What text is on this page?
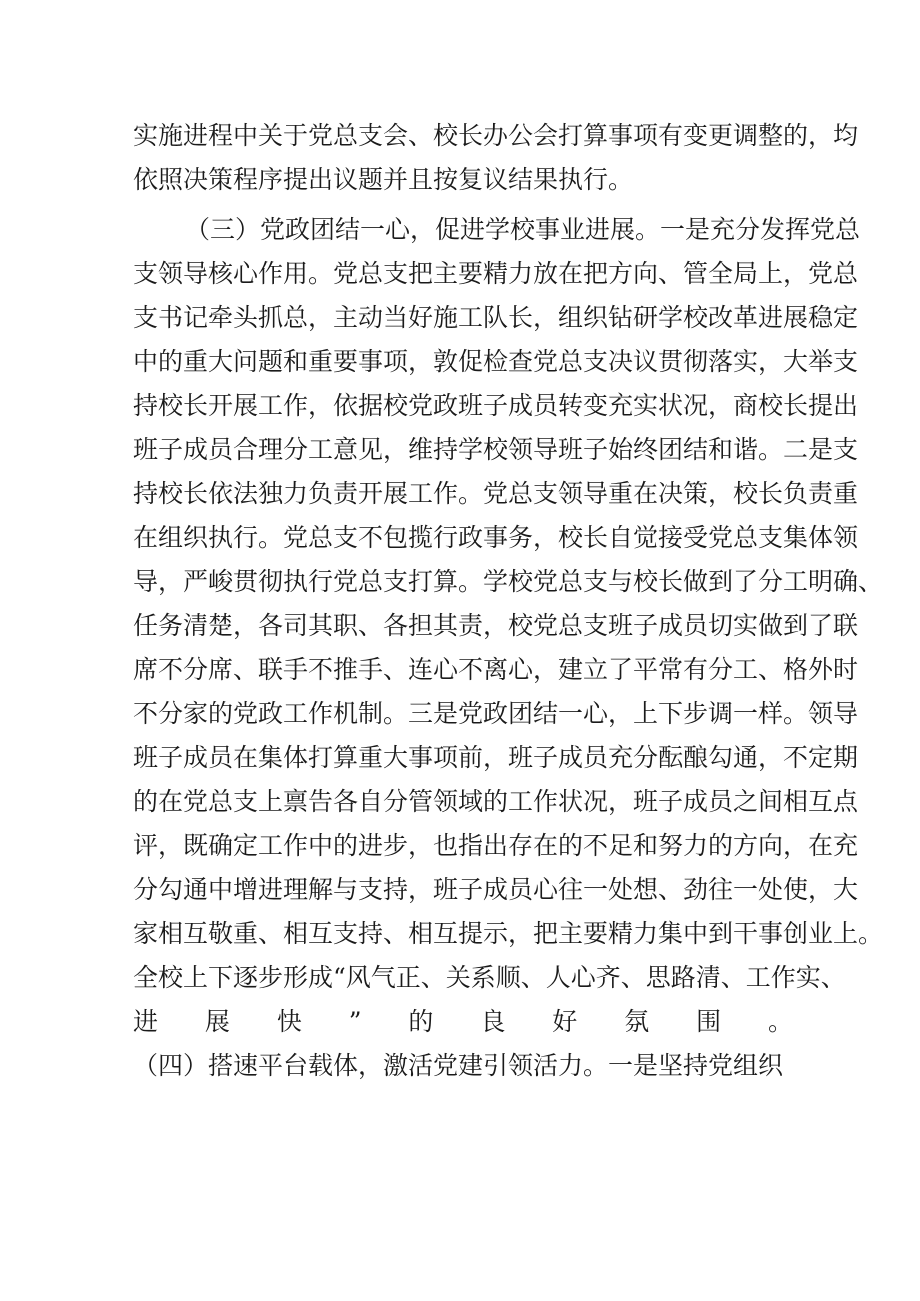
实施进程中关于党总支会、校长办公会打算事项有变更调整的，均
依照决策程序提出议题并且按复议结果执行。
（三）党政团结一心，促进学校事业进展。一是充分发挥党总
支领导核心作用。党总支把主要精力放在把方向、管全局上，党总
支书记牵头抓总，主动当好施工队长，组织钻研学校改革进展稳定
中的重大问题和重要事项，敦促检查党总支决议贯彻落实，大举支
持校长开展工作，依据校党政班子成员转变充实状况，商校长提出
班子成员合理分工意见，维持学校领导班子始终团结和谐。二是支
持校长依法独力负责开展工作。党总支领导重在决策，校长负责重
在组织执行。党总支不包揽行政事务，校长自觉接受党总支集体领
导，严峻贯彻执行党总支打算。学校党总支与校长做到了分工明确、
任务清楚，各司其职、各担其责，校党总支班子成员切实做到了联
席不分席、联手不推手、连心不离心，建立了平常有分工、格外时
不分家的党政工作机制。三是党政团结一心，上下步调一样。领导
班子成员在集体打算重大事项前，班子成员充分酝酿勾通，不定期
的在党总支上禀告各自分管领域的工作状况，班子成员之间相互点
评，既确定工作中的进步，也指出存在的不足和努力的方向，在充
分勾通中增进理解与支持，班子成员心往一处想、劲往一处使，大
家相互敬重、相互支持、相互提示，把主要精力集中到干事创业上。
全校上下逐步形成“风气正、关系顺、人心齐、思路清、工作实、
进展快”的良好氛围。
（四）搭速平台载体，激活党建引领活力。一是坚持党组织
